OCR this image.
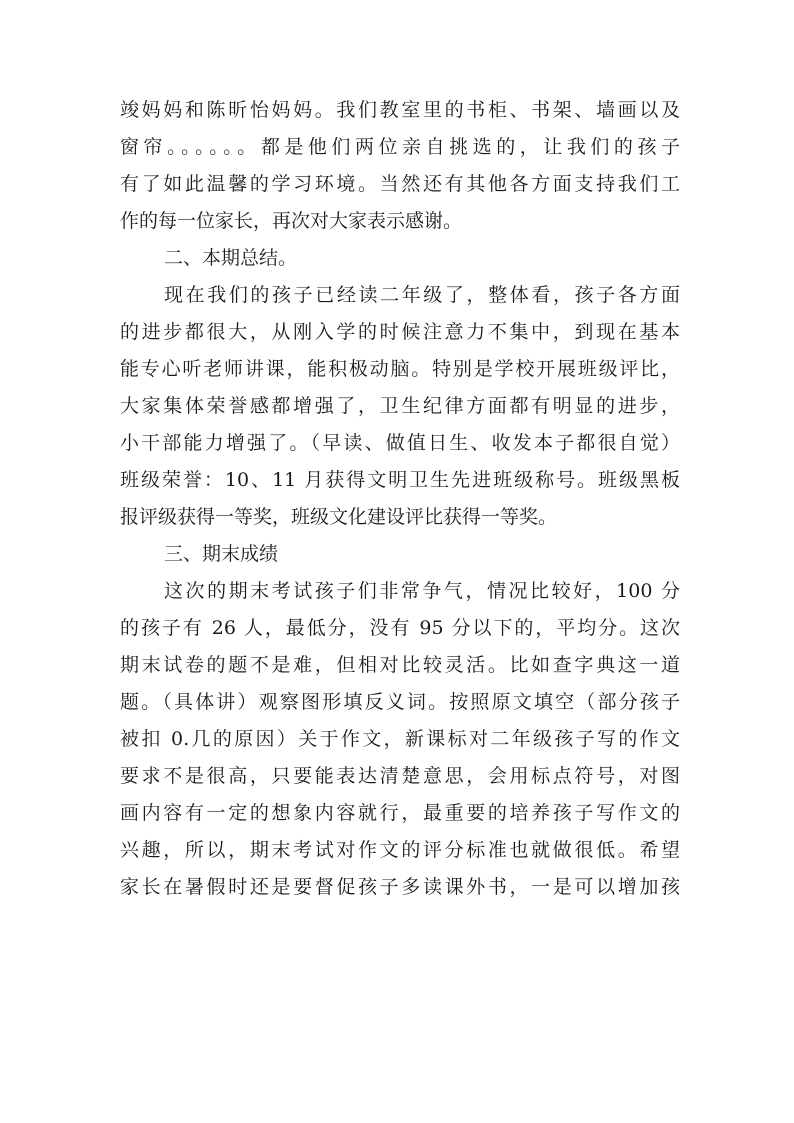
竣妈妈和陈昕怡妈妈。我们教室里的书柜、书架、墙画以及
窗帘。。。。。。都是他们两位亲自挑选的，让我们的孩子
有了如此温馨的学习环境。当然还有其他各方面支持我们工
作的每一位家长，再次对大家表示感谢。
二、本期总结。
现在我们的孩子已经读二年级了，整体看，孩子各方面
的进步都很大，从刚入学的时候注意力不集中，到现在基本
能专心听老师讲课，能积极动脑。特别是学校开展班级评比，
大家集体荣誉感都增强了，卫生纪律方面都有明显的进步，
小干部能力增强了。（早读、做值日生、收发本子都很自觉）
班级荣誉：10、11 月获得文明卫生先进班级称号。班级黑板
报评级获得一等奖，班级文化建设评比获得一等奖。
三、期末成绩
这次的期末考试孩子们非常争气，情况比较好，100 分
的孩子有 26 人，最低分，没有 95 分以下的，平均分。这次
期末试卷的题不是难，但相对比较灵活。比如查字典这一道
题。（具体讲）观察图形填反义词。按照原文填空（部分孩子
被扣 0.几的原因）关于作文，新课标对二年级孩子写的作文
要求不是很高，只要能表达清楚意思，会用标点符号，对图
画内容有一定的想象内容就行，最重要的培养孩子写作文的
兴趣，所以，期末考试对作文的评分标准也就做很低。希望
家长在暑假时还是要督促孩子多读课外书，一是可以增加孩
